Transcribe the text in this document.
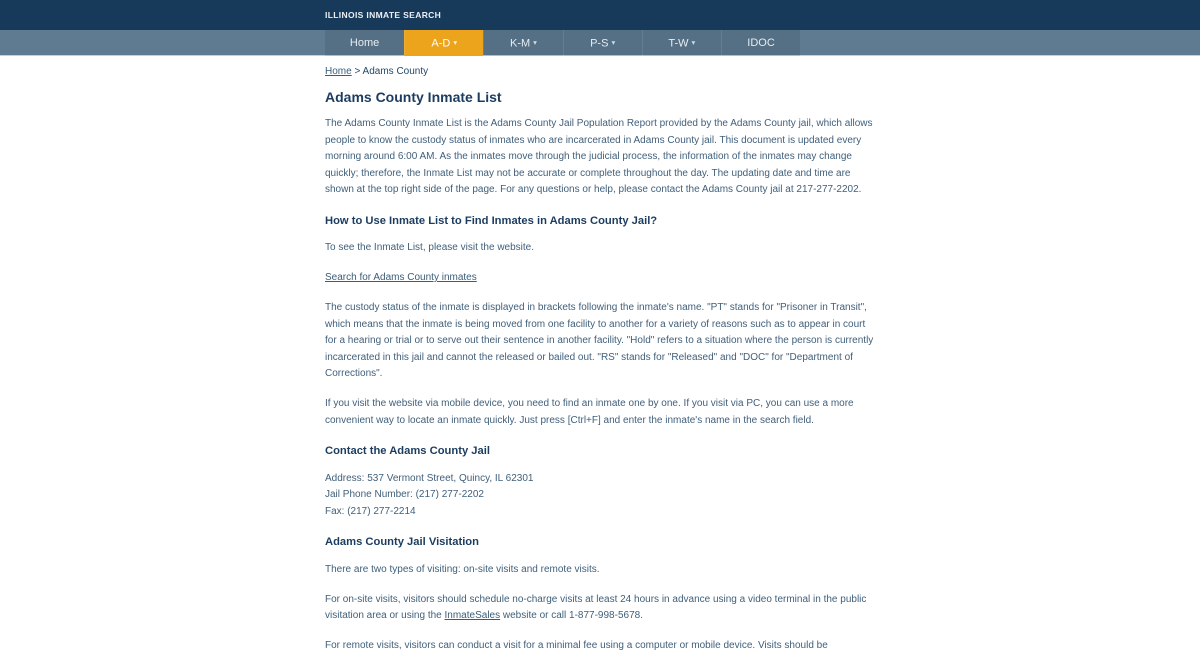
ILLINOIS INMATE SEARCH
Home	A-D ▾	K-M ▾	P-S ▾	T-W ▾	IDOC
Home > Adams County
Adams County Inmate List

The Adams County Inmate List is the Adams County Jail Population Report provided by the Adams County jail, which allows people to know the custody status of inmates who are incarcerated in Adams County jail. This document is updated every morning around 6:00 AM. As the inmates move through the judicial process, the information of the inmates may change quickly; therefore, the Inmate List may not be accurate or complete throughout the day. The updating date and time are shown at the top right side of the page. For any questions or help, please contact the Adams County jail at 217-277-2202.

How to Use Inmate List to Find Inmates in Adams County Jail?

To see the Inmate List, please visit the website.

Search for Adams County inmates

The custody status of the inmate is displayed in brackets following the inmate's name. "PT" stands for "Prisoner in Transit", which means that the inmate is being moved from one facility to another for a variety of reasons such as to appear in court for a hearing or trial or to serve out their sentence in another facility. "Hold" refers to a situation where the person is currently incarcerated in this jail and cannot the released or bailed out. "RS" stands for "Released" and "DOC" for "Department of Corrections".

If you visit the website via mobile device, you need to find an inmate one by one. If you visit via PC, you can use a more convenient way to locate an inmate quickly. Just press [Ctrl+F] and enter the inmate's name in the search field.

Contact the Adams County Jail
Address: 537 Vermont Street, Quincy, IL 62301
Jail Phone Number: (217) 277-2202
Fax: (217) 277-2214
Adams County Jail Visitation

There are two types of visiting: on-site visits and remote visits.

For on-site visits, visitors should schedule no-charge visits at least 24 hours in advance using a video terminal in the public visitation area or using the InmateSales website or call 1-877-998-5678.

For remote visits, visitors can conduct a visit for a minimal fee using a computer or mobile device. Visits should be
